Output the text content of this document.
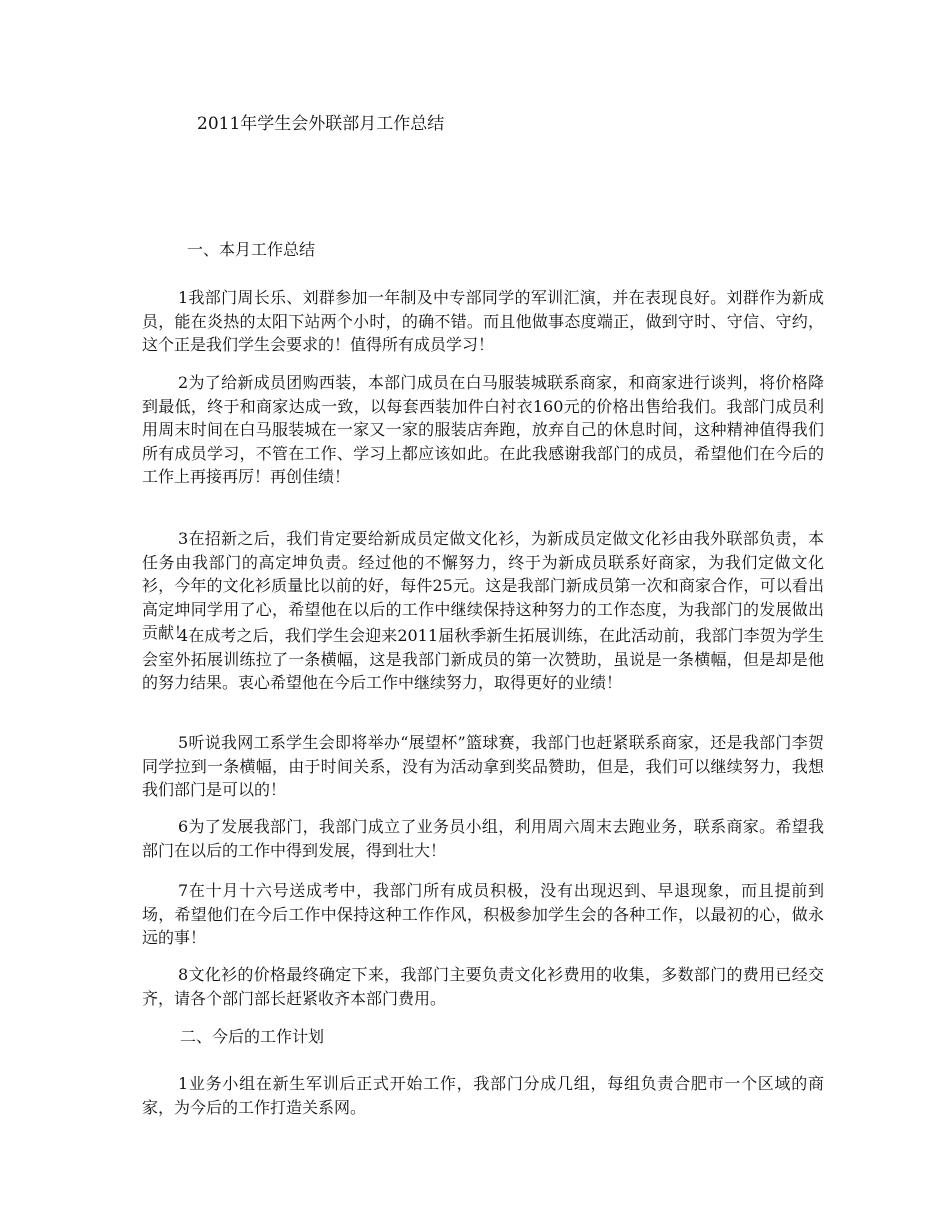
2011年学生会外联部月工作总结
一、本月工作总结

1我部门周长乐、刘群参加一年制及中专部同学的军训汇演，并在表现良好。刘群作为新成员，能在炎热的太阳下站两个小时，的确不错。而且他做事态度端正，做到守时、守信、守约，这个正是我们学生会要求的！值得所有成员学习！

2为了给新成员团购西装，本部门成员在白马服装城联系商家，和商家进行谈判，将价格降到最低，终于和商家达成一致，以每套西装加件白衬衣160元的价格出售给我们。我部门成员利用周末时间在白马服装城在一家又一家的服装店奔跑，放弃自己的休息时间，这种精神值得我们所有成员学习，不管在工作、学习上都应该如此。在此我感谢我部门的成员，希望他们在今后的工作上再接再厉！再创佳绩！

3在招新之后，我们肯定要给新成员定做文化衫，为新成员定做文化衫由我外联部负责，本任务由我部门的高定坤负责。经过他的不懈努力，终于为新成员联系好商家，为我们定做文化衫，今年的文化衫质量比以前的好，每件25元。这是我部门新成员第一次和商家合作，可以看出高定坤同学用了心，希望他在以后的工作中继续保持这种努力的工作态度，为我部门的发展做出贡献！

4在成考之后，我们学生会迎来2011届秋季新生拓展训练，在此活动前，我部门李贺为学生会室外拓展训练拉了一条横幅，这是我部门新成员的第一次赞助，虽说是一条横幅，但是却是他的努力结果。衷心希望他在今后工作中继续努力，取得更好的业绩！

5听说我网工系学生会即将举办“展望杯”篮球赛，我部门也赶紧联系商家，还是我部门李贺同学拉到一条横幅，由于时间关系，没有为活动拿到奖品赞助，但是，我们可以继续努力，我想我们部门是可以的！

6为了发展我部门，我部门成立了业务员小组，利用周六周末去跑业务，联系商家。希望我部门在以后的工作中得到发展，得到壮大！

7在十月十六号送成考中，我部门所有成员积极，没有出现迟到、早退现象，而且提前到场，希望他们在今后工作中保持这种工作作风，积极参加学生会的各种工作，以最初的心，做永远的事！

8文化衫的价格最终确定下来，我部门主要负责文化衫费用的收集，多数部门的费用已经交齐，请各个部门部长赶紧收齐本部门费用。

二、今后的工作计划

1业务小组在新生军训后正式开始工作，我部门分成几组，每组负责合肥市一个区域的商家，为今后的工作打造关系网。
